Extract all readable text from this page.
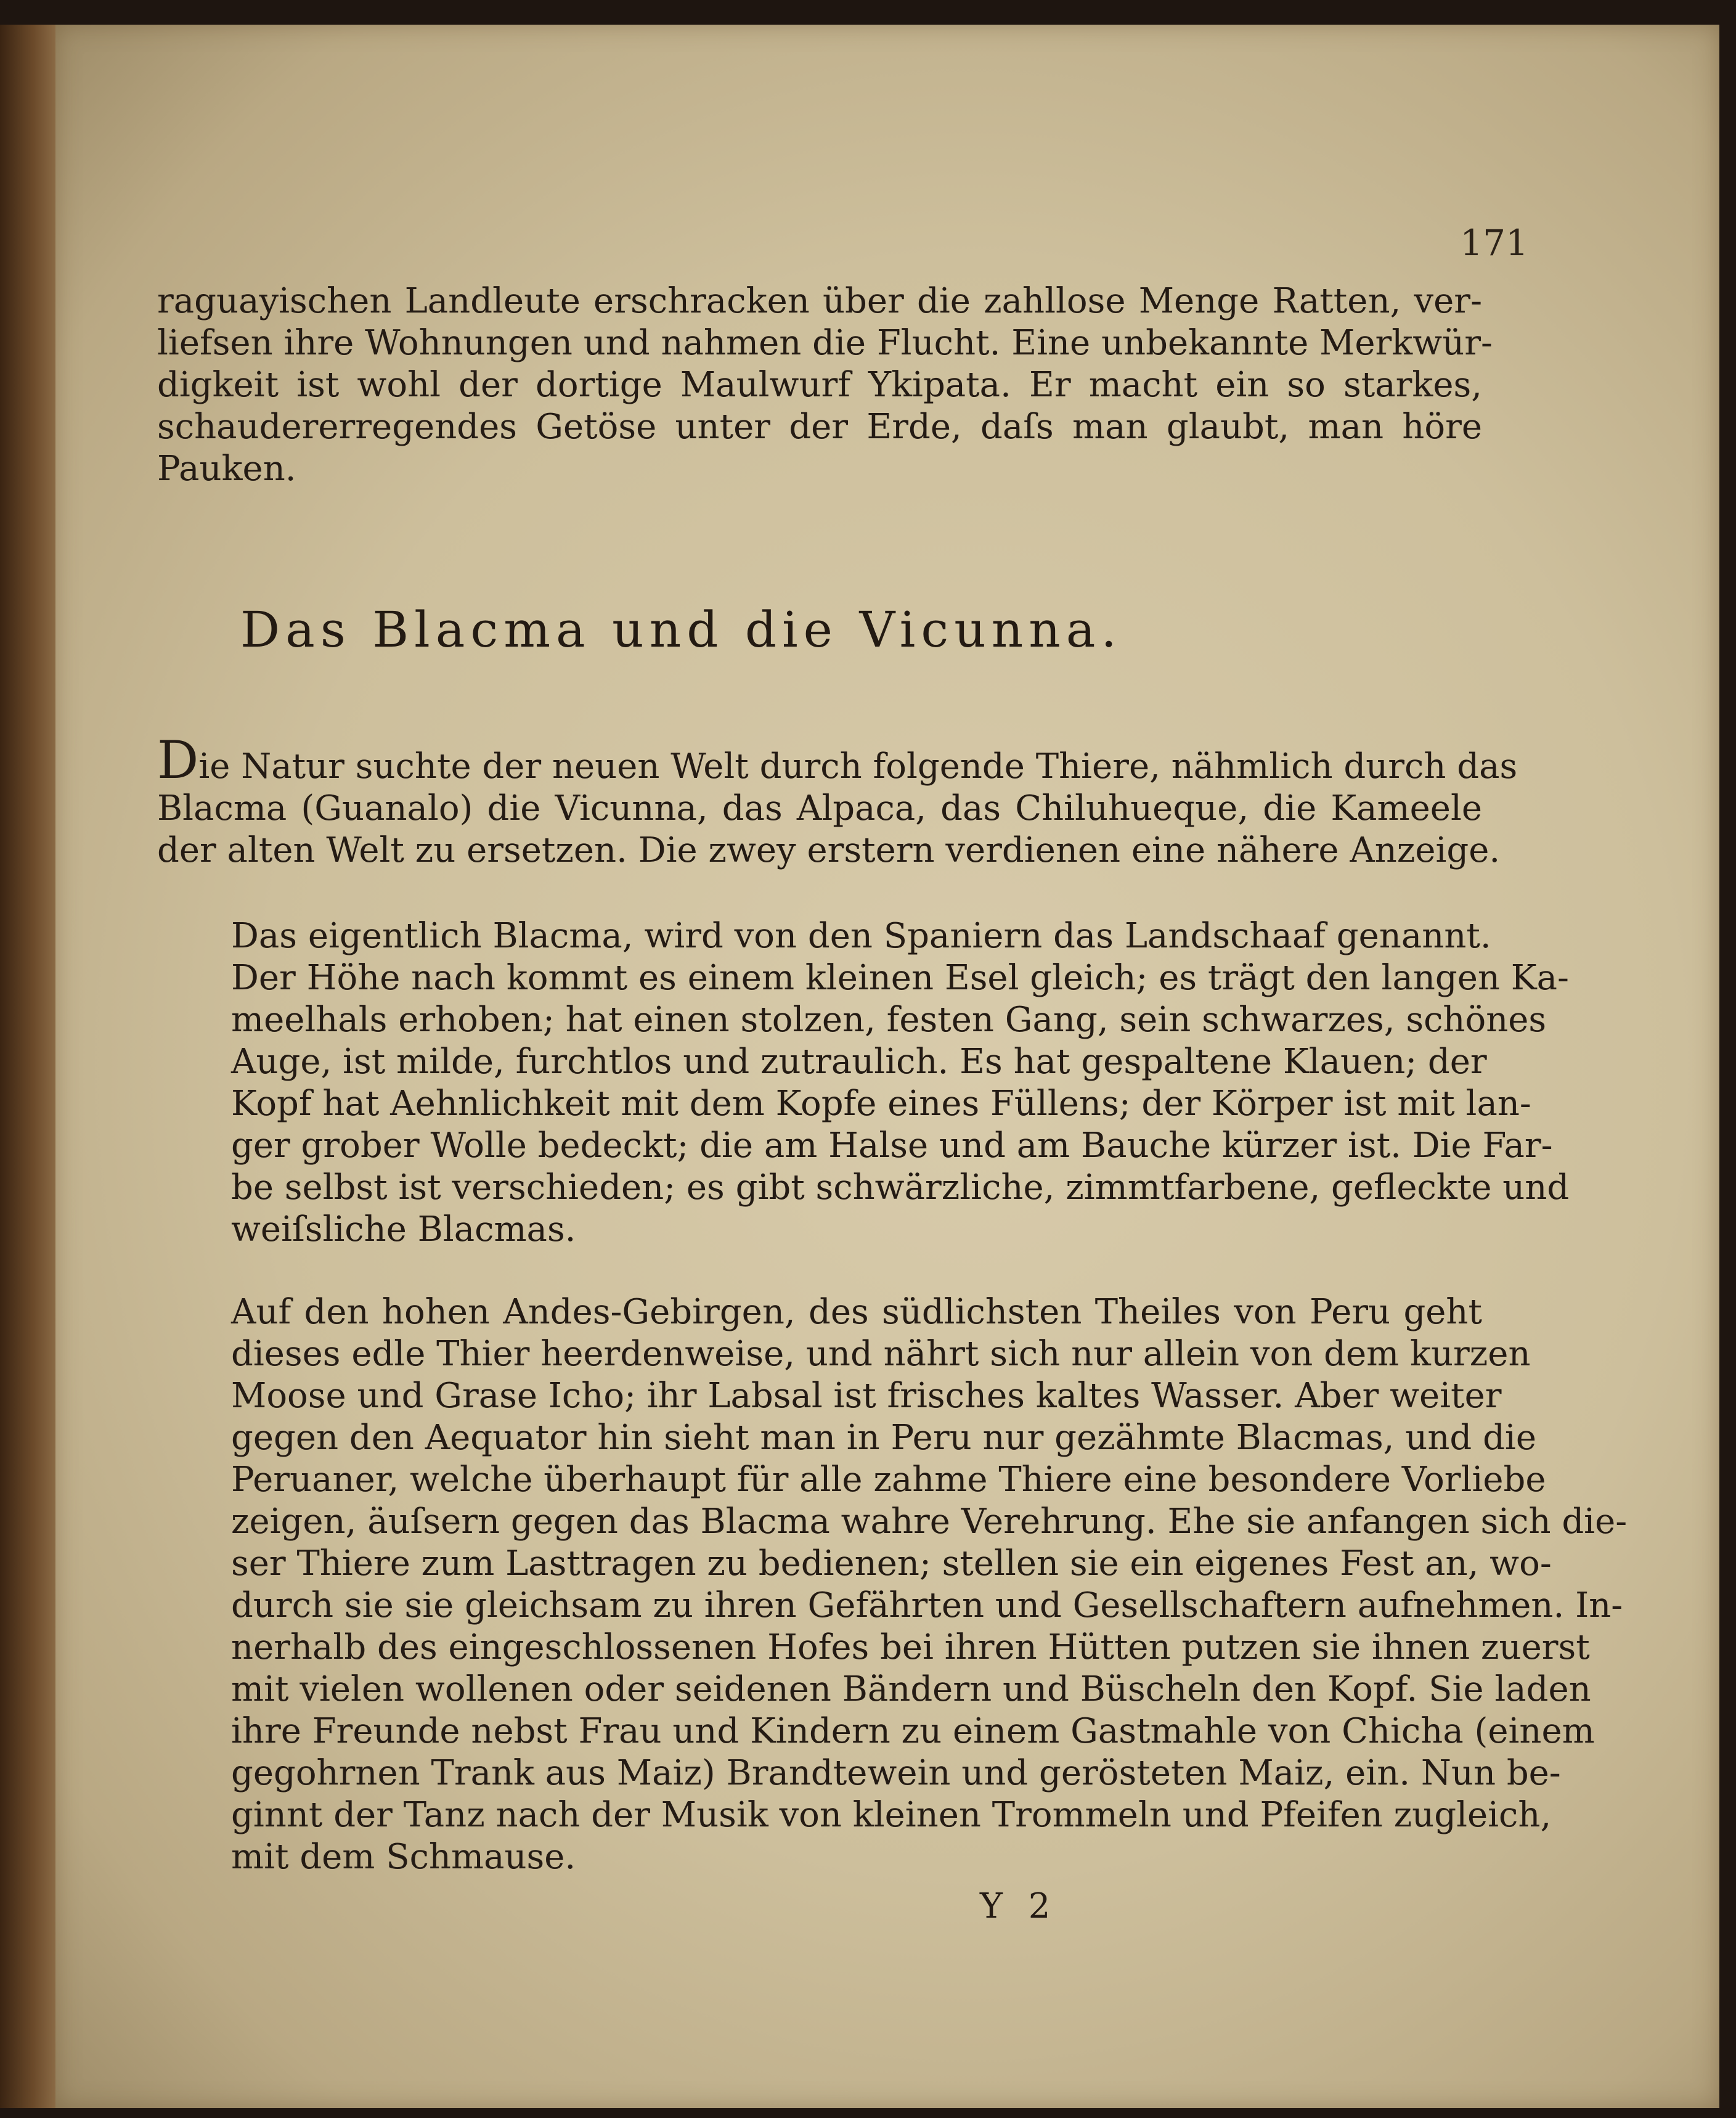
171
raguayischen Landleute erschracken über die zahllose Menge Ratten, ver-
liefsen ihre Wohnungen und nahmen die Flucht. Eine unbekannte Merkwür-
digkeit ist wohl der dortige Maulwurf Ykipata. Er macht ein so starkes,
schaudererregendes Getöse unter der Erde, daſs man glaubt, man höre
Pauken.
Das Blacma und die Vicunna.
Die Natur suchte der neuen Welt durch folgende Thiere, nähmlich durch das
Blacma (Guanalo) die Vicunna, das Alpaca, das Chiluhueque, die Kameele
der alten Welt zu ersetzen. Die zwey erstern verdienen eine nähere Anzeige.
Das eigentlich Blacma, wird von den Spaniern das Landschaaf genannt.
Der Höhe nach kommt es einem kleinen Esel gleich; es trägt den langen Ka-
meelhals erhoben; hat einen stolzen, festen Gang, sein schwarzes, schönes
Auge, ist milde, furchtlos und zutraulich. Es hat gespaltene Klauen; der
Kopf hat Aehnlichkeit mit dem Kopfe eines Füllens; der Körper ist mit lan-
ger grober Wolle bedeckt; die am Halse und am Bauche kürzer ist. Die Far-
be selbst ist verschieden; es gibt schwärzliche, zimmtfarbene, gefleckte und
weiſsliche Blacmas.
Auf den hohen Andes-Gebirgen, des südlichsten Theiles von Peru geht
dieses edle Thier heerdenweise, und nährt sich nur allein von dem kurzen
Moose und Grase Icho; ihr Labsal ist frisches kaltes Wasser. Aber weiter
gegen den Aequator hin sieht man in Peru nur gezähmte Blacmas, und die
Peruaner, welche überhaupt für alle zahme Thiere eine besondere Vorliebe
zeigen, äuſsern gegen das Blacma wahre Verehrung. Ehe sie anfangen sich die-
ser Thiere zum Lasttragen zu bedienen; stellen sie ein eigenes Fest an, wo-
durch sie sie gleichsam zu ihren Gefährten und Gesellschaftern aufnehmen. In-
nerhalb des eingeschlossenen Hofes bei ihren Hütten putzen sie ihnen zuerst
mit vielen wollenen oder seidenen Bändern und Büscheln den Kopf. Sie laden
ihre Freunde nebst Frau und Kindern zu einem Gastmahle von Chicha (einem
gegohrnen Trank aus Maiz) Brandtewein und gerösteten Maiz, ein. Nun be-
ginnt der Tanz nach der Musik von kleinen Trommeln und Pfeifen zugleich,
mit dem Schmause.
Y 2
